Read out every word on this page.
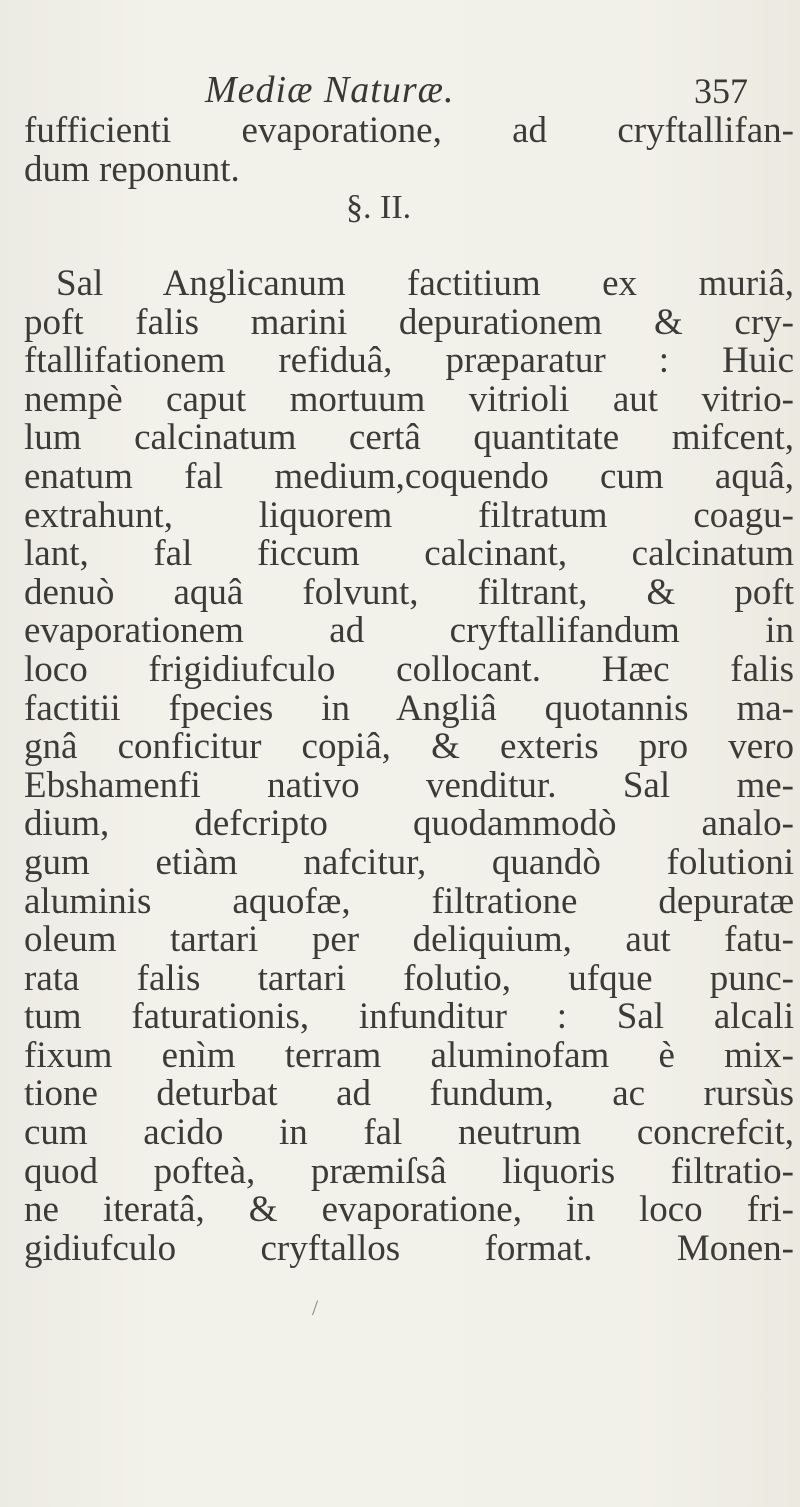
Mediæ Naturæ.	357
fufficienti evaporatione, ad cryftallifan-
dum reponunt.
§. II.
Sal Anglicanum factitium ex muriâ,
poft falis marini depurationem & cry-
ftallifationem refiduâ, præparatur : Huic
nempè caput mortuum vitrioli aut vitrio-
lum calcinatum certâ quantitate mifcent,
enatum fal medium,coquendo cum aquâ,
extrahunt, liquorem filtratum coagu-
lant, fal ficcum calcinant, calcinatum
denuò aquâ folvunt, filtrant, & poft
evaporationem ad cryftallifandum in
loco frigidiufculo collocant. Hæc falis
factitii fpecies in Angliâ quotannis ma-
gnâ conficitur copiâ, & exteris pro vero
Ebshamenfi nativo venditur. Sal me-
dium, defcripto quodammodò analo-
gum etiàm nafcitur, quandò folutioni
aluminis aquofæ, filtratione depuratæ
oleum tartari per deliquium, aut fatu-
rata falis tartari folutio, ufque punc-
tum faturationis, infunditur : Sal alcali
fixum enìm terram aluminofam è mix-
tione deturbat ad fundum, ac rursùs
cum acido in fal neutrum concrefcit,
quod pofteà, præmiſsâ liquoris filtratio-
ne iteratâ, & evaporatione, in loco fri-
gidiufculo cryftallos format. Monen-
/
